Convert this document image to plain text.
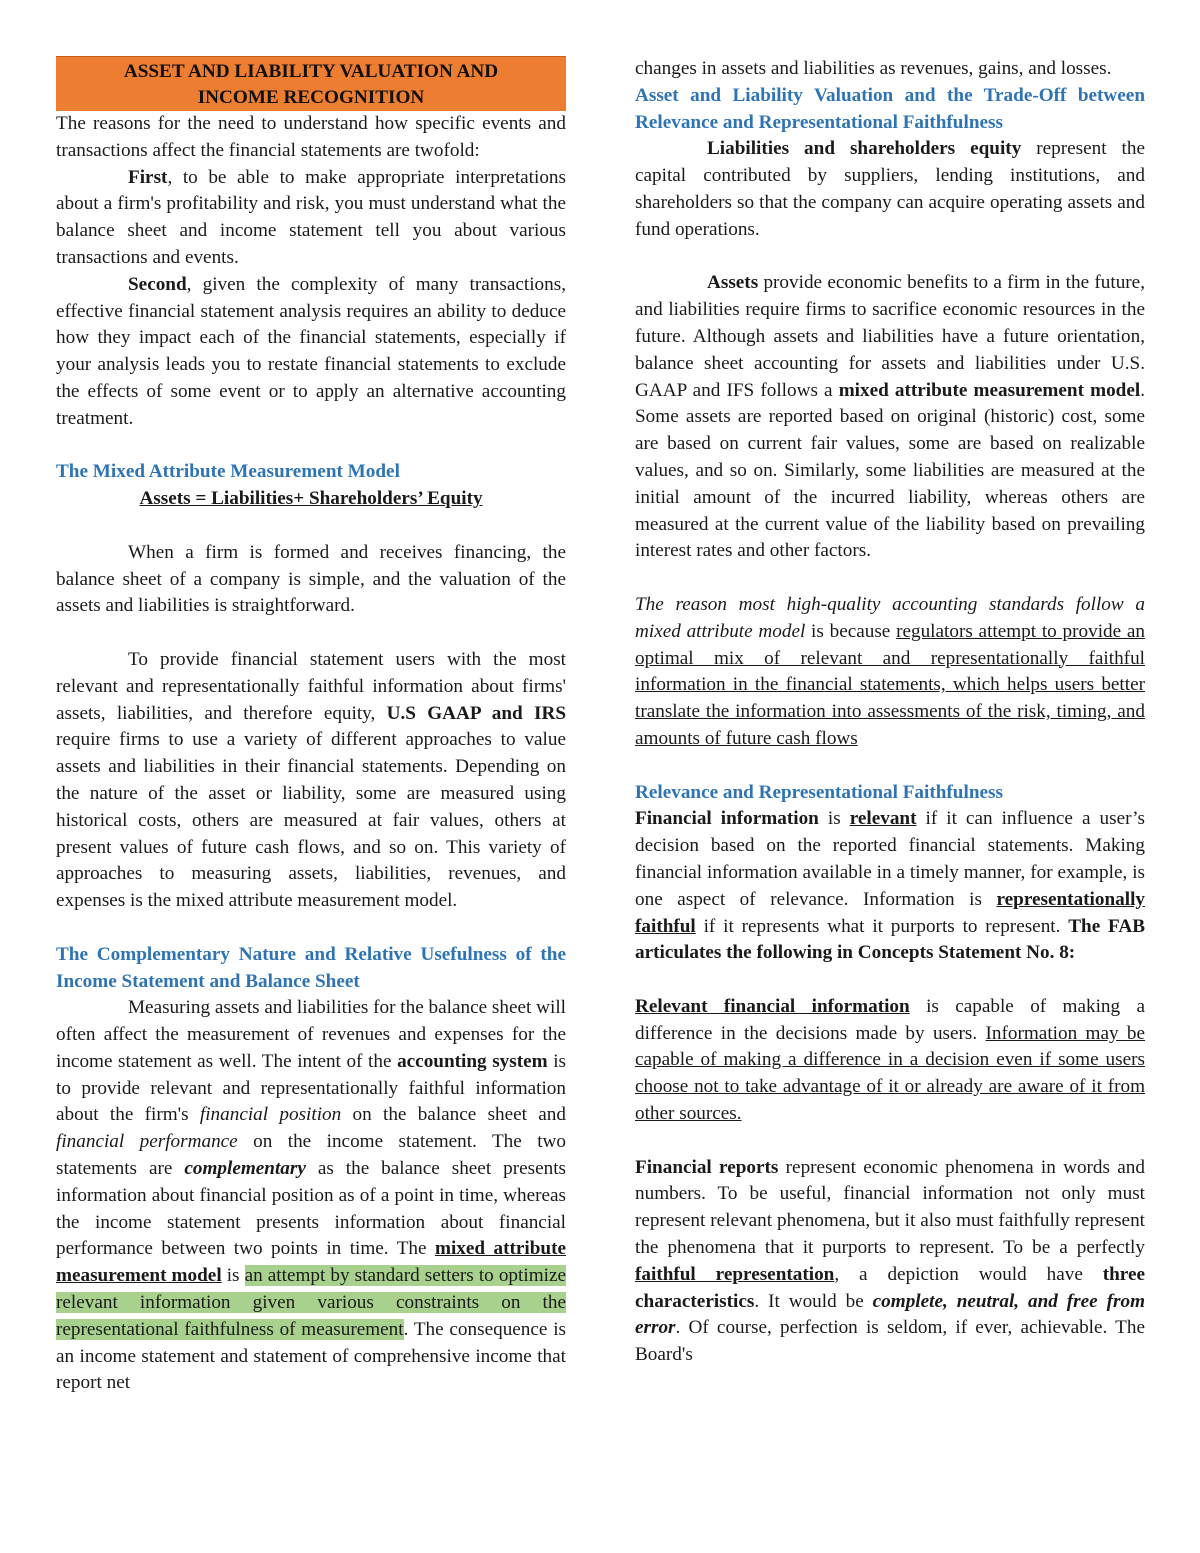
ASSET AND LIABILITY VALUATION AND
INCOME RECOGNITION

The reasons for the need to understand how specific events and transactions affect the financial statements are twofold:

First, to be able to make appropriate interpretations about a firm's profitability and risk, you must understand what the balance sheet and income statement tell you about various transactions and events.

Second, given the complexity of many transactions, effective financial statement analysis requires an ability to deduce how they impact each of the financial statements, especially if your analysis leads you to restate financial statements to exclude the effects of some event or to apply an alternative accounting treatment.

The Mixed Attribute Measurement Model

Assets = Liabilities+ Shareholders’ Equity

When a firm is formed and receives financing, the balance sheet of a company is simple, and the valuation of the assets and liabilities is straightforward.

To provide financial statement users with the most relevant and representationally faithful information about firms' assets, liabilities, and therefore equity, U.S GAAP and IRS require firms to use a variety of different approaches to value assets and liabilities in their financial statements. Depending on the nature of the asset or liability, some are measured using historical costs, others are measured at fair values, others at present values of future cash flows, and so on. This variety of approaches to measuring assets, liabilities, revenues, and expenses is the mixed attribute measurement model.

The Complementary Nature and Relative Usefulness of the Income Statement and Balance Sheet

Measuring assets and liabilities for the balance sheet will often affect the measurement of revenues and expenses for the income statement as well. The intent of the accounting system is to provide relevant and representationally faithful information about the firm's financial position on the balance sheet and financial performance on the income statement. The two statements are complementary as the balance sheet presents information about financial position as of a point in time, whereas the income statement presents information about financial performance between two points in time. The mixed attribute measurement model is an attempt by standard setters to optimize relevant information given various constraints on the representational faithfulness of measurement. The consequence is an income statement and statement of comprehensive income that report net

changes in assets and liabilities as revenues, gains, and losses.

Asset and Liability Valuation and the Trade-Off between Relevance and Representational Faithfulness

Liabilities and shareholders equity represent the capital contributed by suppliers, lending institutions, and shareholders so that the company can acquire operating assets and fund operations.

Assets provide economic benefits to a firm in the future, and liabilities require firms to sacrifice economic resources in the future. Although assets and liabilities have a future orientation, balance sheet accounting for assets and liabilities under U.S. GAAP and IFS follows a mixed attribute measurement model. Some assets are reported based on original (historic) cost, some are based on current fair values, some are based on realizable values, and so on. Similarly, some liabilities are measured at the initial amount of the incurred liability, whereas others are measured at the current value of the liability based on prevailing interest rates and other factors.

The reason most high-quality accounting standards follow a mixed attribute model is because regulators attempt to provide an optimal mix of relevant and representationally faithful information in the financial statements, which helps users better translate the information into assessments of the risk, timing, and amounts of future cash flows

Relevance and Representational Faithfulness

Financial information is relevant if it can influence a user’s decision based on the reported financial statements. Making financial information available in a timely manner, for example, is one aspect of relevance. Information is representationally faithful if it represents what it purports to represent. The FAB articulates the following in Concepts Statement No. 8:

Relevant financial information is capable of making a difference in the decisions made by users. Information may be capable of making a difference in a decision even if some users choose not to take advantage of it or already are aware of it from other sources.

Financial reports represent economic phenomena in words and numbers. To be useful, financial information not only must represent relevant phenomena, but it also must faithfully represent the phenomena that it purports to represent. To be a perfectly faithful representation, a depiction would have three characteristics. It would be complete, neutral, and free from error. Of course, perfection is seldom, if ever, achievable. The Board's
